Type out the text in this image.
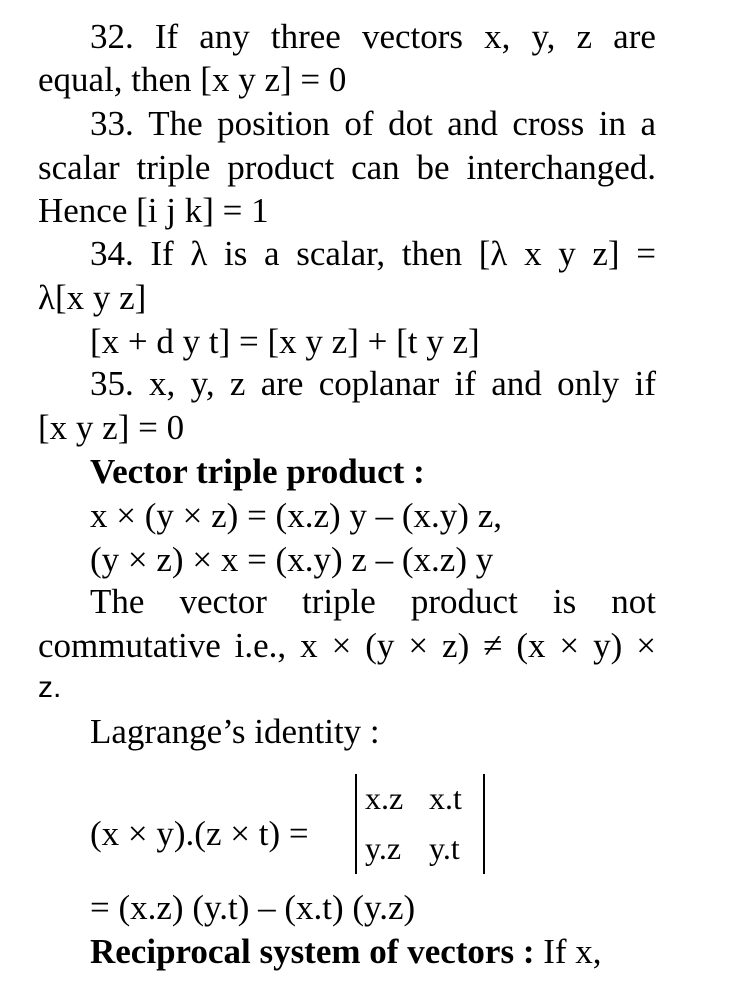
32. If any three vectors x, y, z are
equal, then [x y z] = 0
33. The position of dot and cross in a
scalar triple product can be interchanged.
Hence [i j k] = 1
34. If λ is a scalar, then [λ x y z] =
λ[x y z]
[x + d y t] = [x y z] + [t y z]
35. x, y, z are coplanar if and only if
[x y z] = 0
Vector triple product :
x × (y × z) = (x.z) y – (x.y) z,
(y × z) × x = (x.y) z – (x.z) y
The vector triple product is not
commutative i.e., x × (y × z) ≠ (x × y) ×
z.
Lagrange’s identity :
(x × y).(z × t) =
x.z x.t
y.z y.t
= (x.z) (y.t) – (x.t) (y.z)
Reciprocal system of vectors : If x,
